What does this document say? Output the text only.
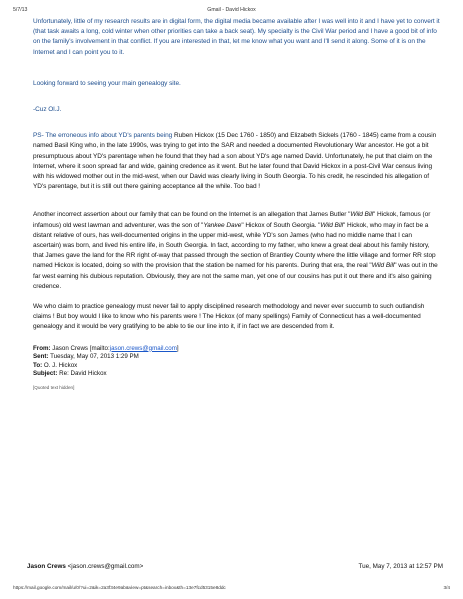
5/7/13	Gmail - David Hickox

Unfortunately, little of my research results are in digital form, the digital media became available after I was well into it and I have yet to convert it (that task awaits a long, cold winter when other priorities can take a back seat). My specialty is the Civil War period and I have a good bit of info on the family's involvement in that conflict. If you are interested in that, let me know what you want and I'll send it along. Some of it is on the Internet and I can point you to it.

Looking forward to seeing your main genealogy site.

-Cuz Ol.J.

PS- The erroneous info about YD's parents being Ruben Hickox (15 Dec 1760 - 1850) and Elizabeth Sickels (1760 - 1845) came from a cousin named Basil King who, in the late 1990s, was trying to get into the SAR and needed a documented Revolutionary War ancestor. He got a bit presumptuous about YD's parentage when he found that they had a son about YD's age named David. Unfortunately, he put that claim on the Internet, where it soon spread far and wide, gaining credence as it went. But he later found that David Hickox in a post-Civil War census living with his widowed mother out in the mid-west, when our David was clearly living in South Georgia. To his credit, he rescinded his allegation of YD's parentage, but it is still out there gaining acceptance all the while. Too bad !

Another incorrect assertion about our family that can be found on the Internet is an allegation that James Butler "Wild Bill" Hickok, famous (or infamous) old west lawman and adventurer, was the son of "Yankee Dave" Hickox of South Georgia. "Wild Bill" Hickok, who may in fact be a distant relative of ours, has well-documented origins in the upper mid-west, while YD's son James (who had no middle name that I can ascertain) was born, and lived his entire life, in South Georgia. In fact, according to my father, who knew a great deal about his family history, that James gave the land for the RR right of-way that passed through the section of Brantley County where the little village and former RR stop named Hickox is located, doing so with the provision that the station be named for his parents. During that era, the real "Wild Bill" was out in the far west earning his dubious reputation. Obviously, they are not the same man, yet one of our cousins has put it out there and it's also gaining credence.

We who claim to practice genealogy must never fail to apply disciplined research methodology and never ever succumb to such outlandish claims ! But boy would I like to know who his parents were ! The Hickox (of many spellings) Family of Connecticut has a well-documented genealogy and it would be very gratifying to be able to tie our line into it, if in fact we are descended from it.

From: Jason Crews [mailto:jason.crews@gmail.com]
Sent: Tuesday, May 07, 2013 1:29 PM
To: O. J. Hickox
Subject: Re: David Hickox
[Quoted text hidden]
Jason Crews <jason.crews@gmail.com>	Tue, May 7, 2013 at 12:57 PM
https://mail.google.com/mail/u/0/?ui=2&ik=2a3f34e9ab&view=pt&search=inbox&th=13e7fcd5315e8ddc	3/4
